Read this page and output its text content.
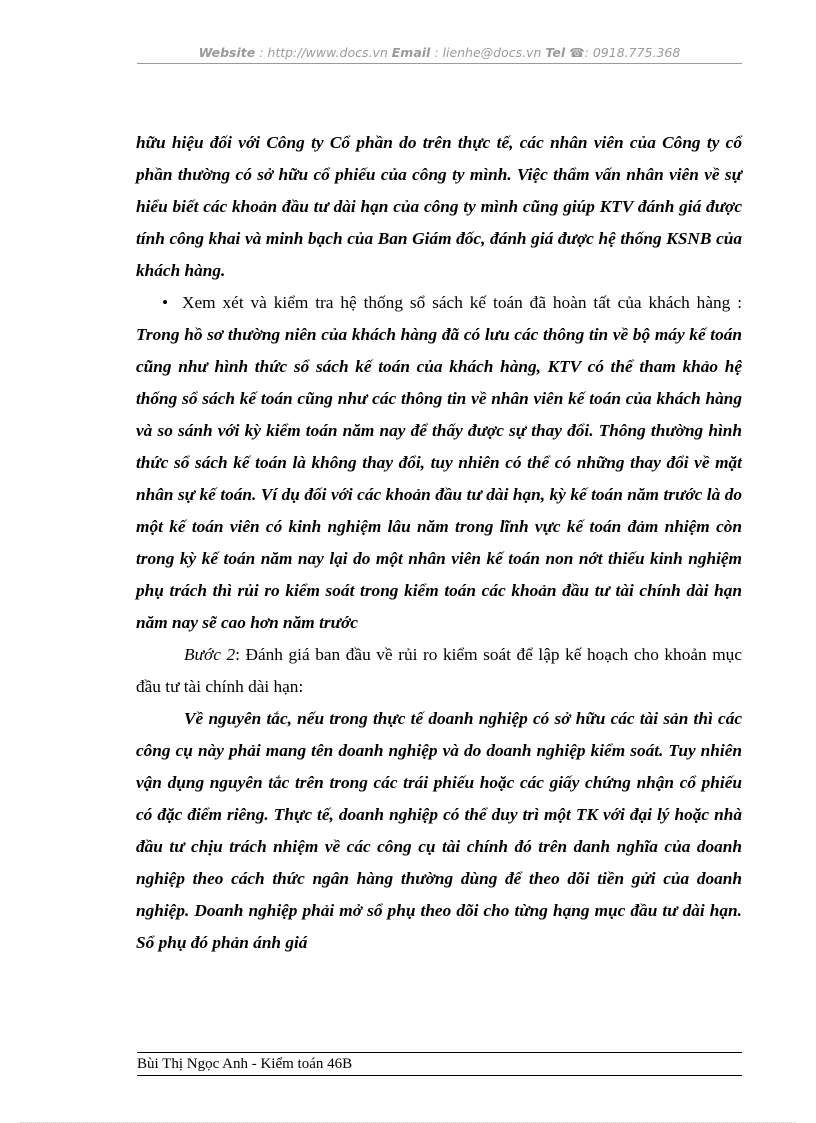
Website : http://www.docs.vn Email : lienhe@docs.vn Tel ☎: 0918.775.368

hữu hiệu đối với Công ty Cổ phần do trên thực tế, các nhân viên của Công ty cổ phần thường có sở hữu cổ phiếu của công ty mình. Việc thẩm vấn nhân viên về sự hiểu biết các khoản đầu tư dài hạn của công ty mình cũng giúp KTV đánh giá được tính công khai và minh bạch của Ban Giám đốc, đánh giá được hệ thống KSNB của khách hàng.

• Xem xét và kiểm tra hệ thống sổ sách kế toán đã hoàn tất của khách hàng : Trong hồ sơ thường niên của khách hàng đã có lưu các thông tin về bộ máy kế toán cũng như hình thức sổ sách kế toán của khách hàng, KTV có thể tham khảo hệ thống sổ sách kế toán cũng như các thông tin về nhân viên kế toán của khách hàng và so sánh với kỳ kiểm toán năm nay để thấy được sự thay đổi. Thông thường hình thức sổ sách kế toán là không thay đổi, tuy nhiên có thể có những thay đổi về mặt nhân sự kế toán. Ví dụ đối với các khoản đầu tư dài hạn, kỳ kế toán năm trước là do một kế toán viên có kinh nghiệm lâu năm trong lĩnh vực kế toán đảm nhiệm còn trong kỳ kế toán năm nay lại do một nhân viên kế toán non nớt thiếu kinh nghiệm phụ trách thì rủi ro kiểm soát trong kiểm toán các khoản đầu tư tài chính dài hạn năm nay sẽ cao hơn năm trước

Bước 2: Đánh giá ban đầu về rủi ro kiểm soát để lập kế hoạch cho khoản mục đầu tư tài chính dài hạn:

Về nguyên tắc, nếu trong thực tế doanh nghiệp có sở hữu các tài sản thì các công cụ này phải mang tên doanh nghiệp và do doanh nghiệp kiểm soát. Tuy nhiên vận dụng nguyên tắc trên trong các trái phiếu hoặc các giấy chứng nhận cổ phiếu có đặc điểm riêng. Thực tế, doanh nghiệp có thể duy trì một TK với đại lý hoặc nhà đầu tư chịu trách nhiệm về các công cụ tài chính đó trên danh nghĩa của doanh nghiệp theo cách thức ngân hàng thường dùng để theo dõi tiền gửi của doanh nghiệp. Doanh nghiệp phải mở sổ phụ theo dõi cho từng hạng mục đầu tư dài hạn. Sổ phụ đó phản ánh giá

Bùi Thị Ngọc Anh - Kiểm toán 46B
